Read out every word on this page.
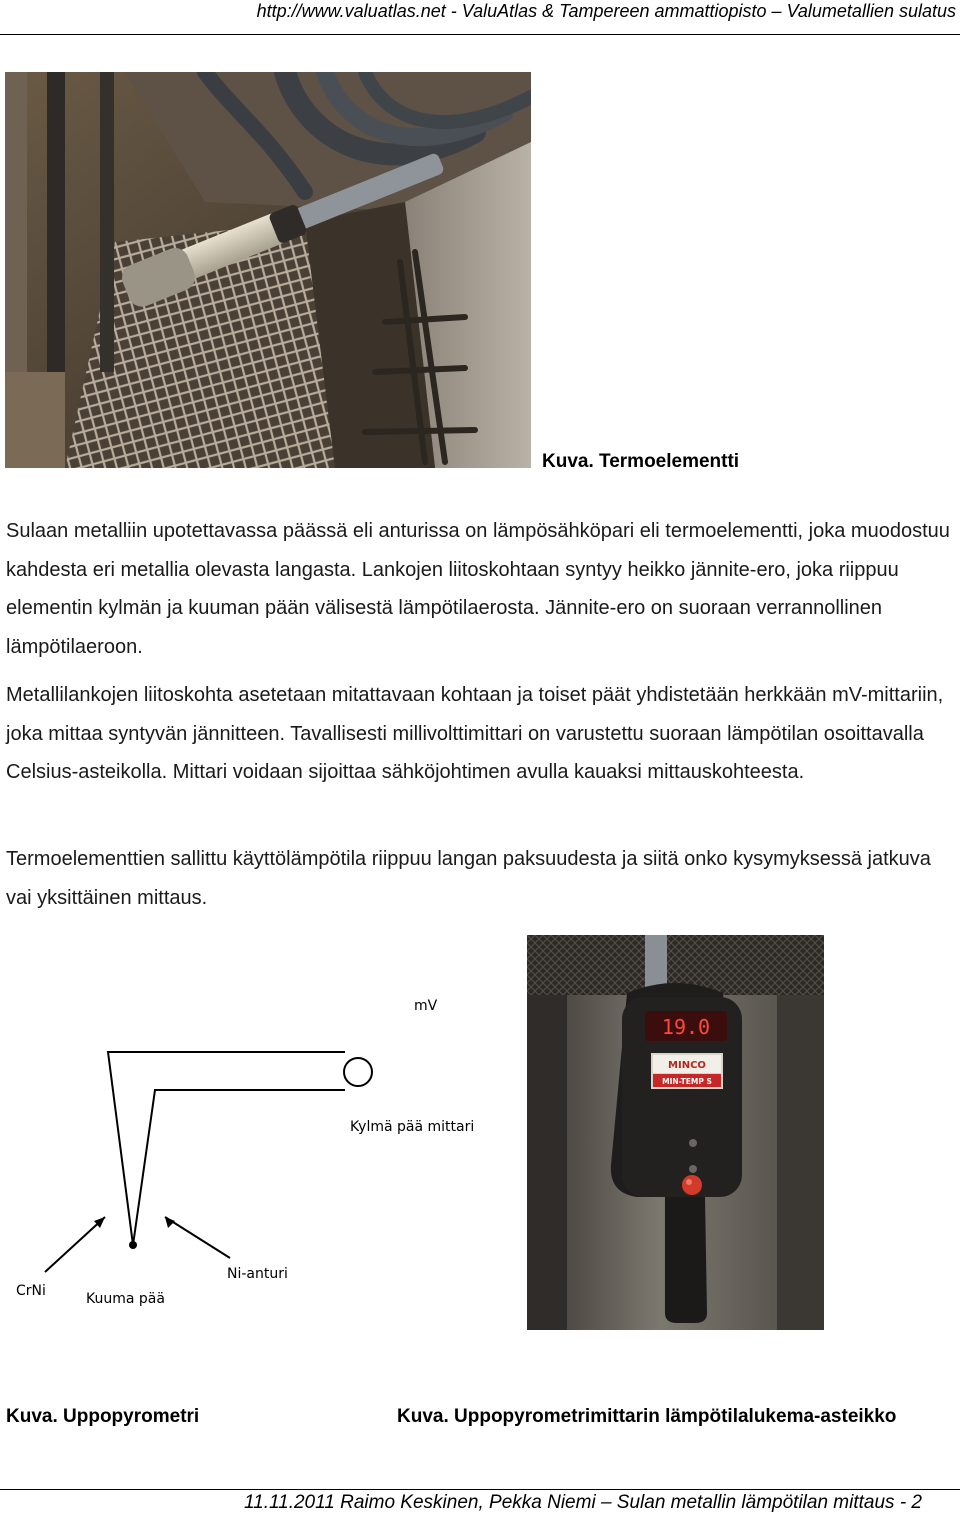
http://www.valuatlas.net - ValuAtlas & Tampereen ammattiopisto – Valumetallien sulatus
Kuva. Termoelementti
Sulaan metalliin upotettavassa päässä eli anturissa on lämpösähköpari eli termoelementti, joka muodostuu kahdesta eri metallia olevasta langasta. Lankojen liitoskohtaan syntyy heikko jännite-ero, joka riippuu elementin kylmän ja kuuman pään välisestä lämpötilaerosta. Jännite-ero on suoraan verrannollinen lämpötilaeroon.
Metallilankojen liitoskohta asetetaan mitattavaan kohtaan ja toiset päät yhdistetään herkkään mV-mittariin, joka mittaa syntyvän jännitteen. Tavallisesti millivolttimittari on varustettu suoraan lämpötilan osoittavalla Celsius-asteikolla. Mittari voidaan sijoittaa sähköjohtimen avulla kauaksi mittauskohteesta.
Termoelementtien sallittu käyttölämpötila riippuu langan paksuudesta ja siitä onko kysymyksessä jatkuva vai yksittäinen mittaus.
mV
Kylmä pää mittari
CrNi	Kuuma pää
Ni-anturi
19.0
MINCO
MIN-TEMP S
Kuva. Uppopyrometri	Kuva. Uppopyrometrimittarin lämpötilalukema-asteikko
11.11.2011 Raimo Keskinen, Pekka Niemi – Sulan metallin lämpötilan mittaus - 2
